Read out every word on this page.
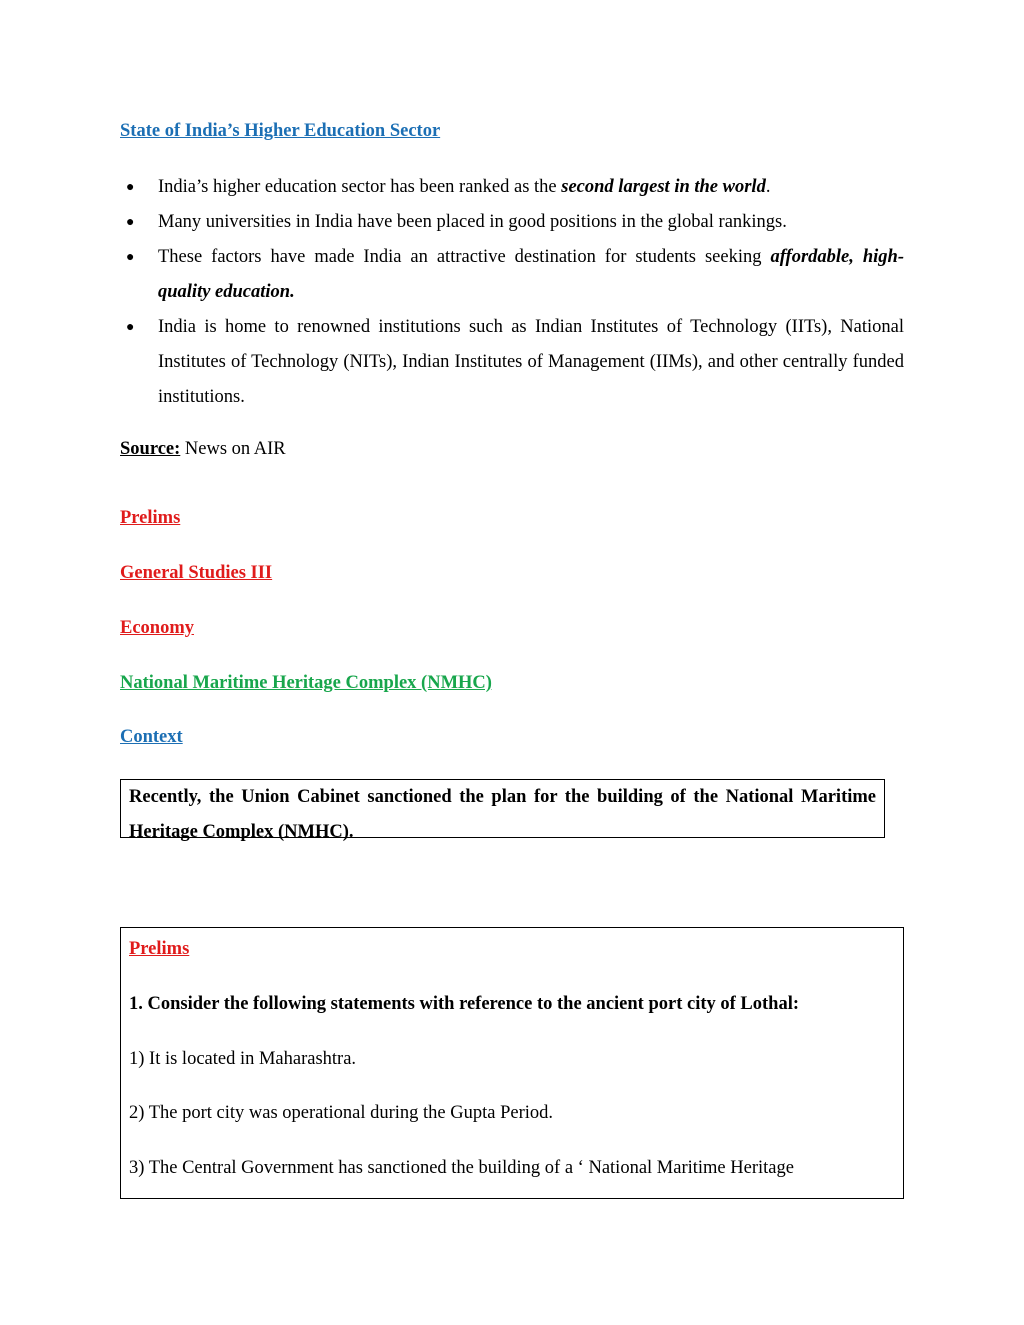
State of India’s Higher Education Sector
● India’s higher education sector has been ranked as the second largest in the world.
● Many universities in India have been placed in good positions in the global rankings.
● These factors have made India an attractive destination for students seeking affordable, high-quality education.
● India is home to renowned institutions such as Indian Institutes of Technology (IITs), National Institutes of Technology (NITs), Indian Institutes of Management (IIMs), and other centrally funded institutions.
Source: News on AIR
Prelims
General Studies III
Economy
National Maritime Heritage Complex (NMHC)
Context

Recently, the Union Cabinet sanctioned the plan for the building of the National Maritime Heritage Complex (NMHC).

Prelims
1. Consider the following statements with reference to the ancient port city of Lothal:
1) It is located in Maharashtra.
2) The port city was operational during the Gupta Period.
3) The Central Government has sanctioned the building of a ‘ National Maritime Heritage
